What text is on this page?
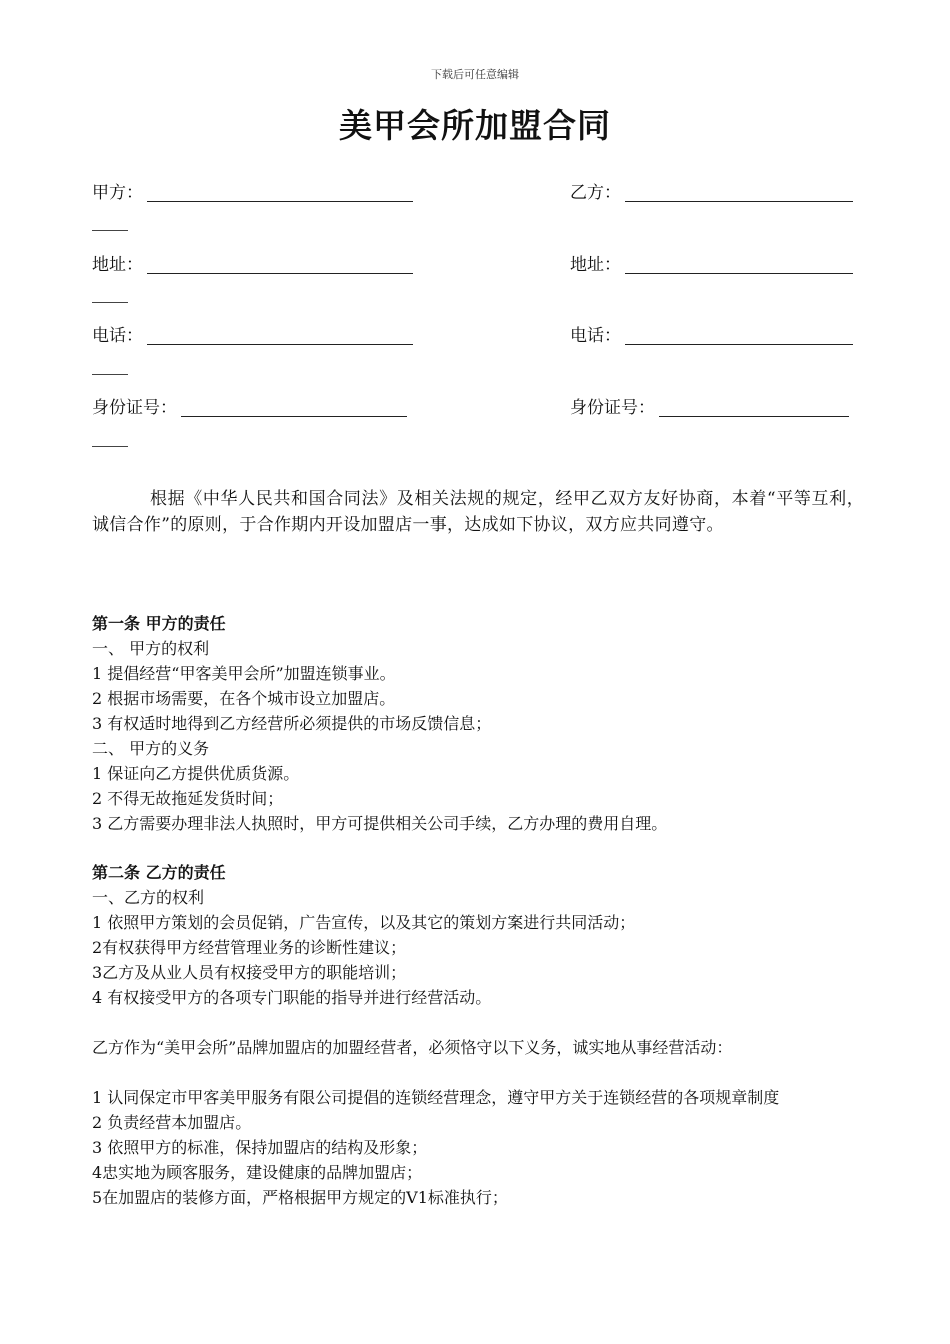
下载后可任意编辑
美甲会所加盟合同
甲方：	乙方：
地址：	地址：
电话：	电话：
身份证号：	身份证号：
根据《中华人民共和国合同法》及相关法规的规定，经甲乙双方友好协商，本着“平等互利，诚信合作”的原则，于合作期内开设加盟店一事，达成如下协议，双方应共同遵守。
第一条 甲方的责任
一、 甲方的权利
1 提倡经营“甲客美甲会所”加盟连锁事业。
2 根据市场需要，在各个城市设立加盟店。
3 有权适时地得到乙方经营所必须提供的市场反馈信息；
二、 甲方的义务
1 保证向乙方提供优质货源。
2 不得无故拖延发货时间；
3 乙方需要办理非法人执照时，甲方可提供相关公司手续，乙方办理的费用自理。
第二条 乙方的责任
一、乙方的权利
1 依照甲方策划的会员促销，广告宣传，以及其它的策划方案进行共同活动；
2有权获得甲方经营管理业务的诊断性建议；
3乙方及从业人员有权接受甲方的职能培训；
4 有权接受甲方的各项专门职能的指导并进行经营活动。
乙方作为“美甲会所”品牌加盟店的加盟经营者，必须恪守以下义务，诚实地从事经营活动：
1 认同保定市甲客美甲服务有限公司提倡的连锁经营理念，遵守甲方关于连锁经营的各项规章制度
2 负责经营本加盟店。
3 依照甲方的标准，保持加盟店的结构及形象；
4忠实地为顾客服务，建设健康的品牌加盟店；
5在加盟店的装修方面，严格根据甲方规定的V1标准执行；
